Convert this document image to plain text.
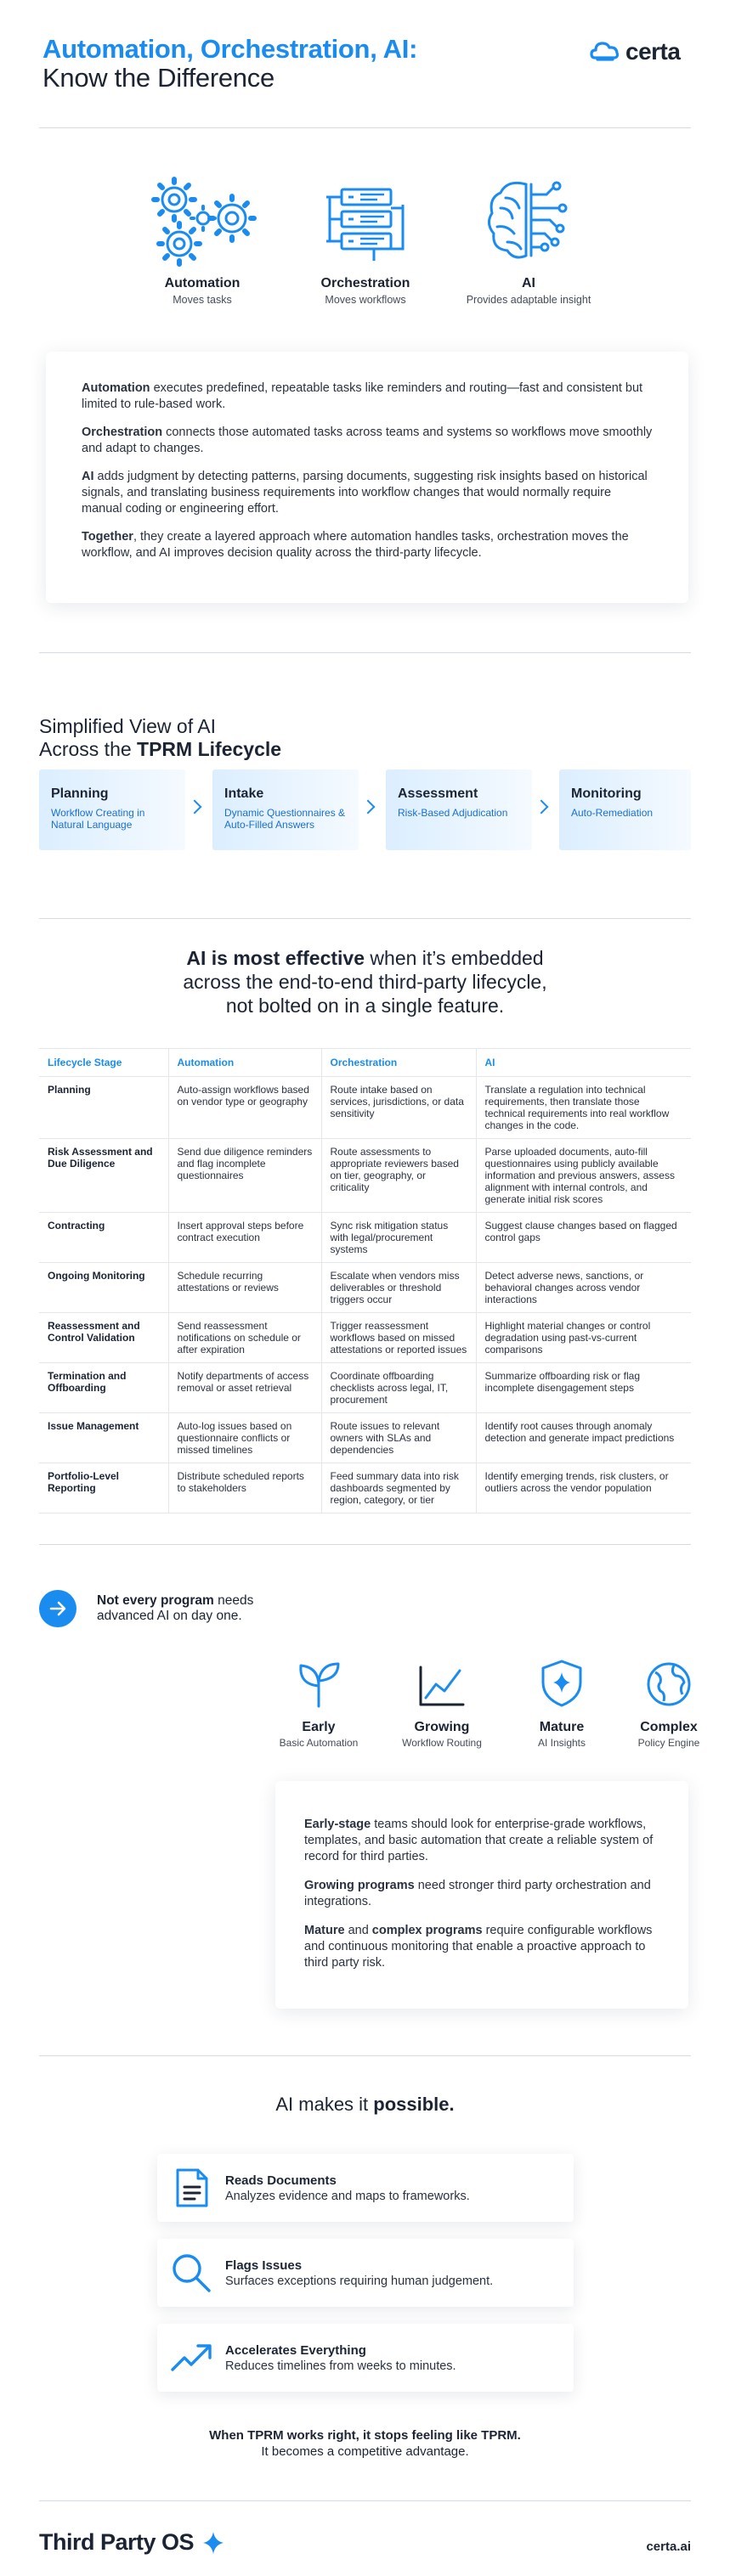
Automation, Orchestration, AI:
Know the Difference
certa
Automation
Moves tasks
Orchestration
Moves workflows
AI
Provides adaptable insight

Automation executes predefined, repeatable tasks like reminders and routing—fast and consistent but limited to rule-based work.

Orchestration connects those automated tasks across teams and systems so workflows move smoothly and adapt to changes.

AI adds judgment by detecting patterns, parsing documents, suggesting risk insights based on historical signals, and translating business requirements into workflow changes that would normally require manual coding or engineering effort.

Together, they create a layered approach where automation handles tasks, orchestration moves the workflow, and AI improves decision quality across the third-party lifecycle.

Simplified View of AI
Across the TPRM Lifecycle
Planning
Workflow Creating in Natural Language
Intake
Dynamic Questionnaires & Auto-Filled Answers
Assessment
Risk-Based Adjudication
Monitoring
Auto-Remediation
AI is most effective when it’s embedded
across the end-to-end third-party lifecycle,
not bolted on in a single feature.
Lifecycle Stage	Automation	Orchestration	AI
Planning	Auto-assign workflows based on vendor type or geography	Route intake based on services, jurisdictions, or data sensitivity	Translate a regulation into technical requirements, then translate those technical requirements into real workflow changes in the code.
Risk Assessment and Due Diligence	Send due diligence reminders and flag incomplete questionnaires	Route assessments to appropriate reviewers based on tier, geography, or criticality	Parse uploaded documents, auto-fill questionnaires using publicly available information and previous answers, assess alignment with internal controls, and generate initial risk scores
Contracting	Insert approval steps before contract execution	Sync risk mitigation status with legal/procurement systems	Suggest clause changes based on flagged control gaps
Ongoing Monitoring	Schedule recurring attestations or reviews	Escalate when vendors miss deliverables or threshold triggers occur	Detect adverse news, sanctions, or behavioral changes across vendor interactions
Reassessment and Control Validation	Send reassessment notifications on schedule or after expiration	Trigger reassessment workflows based on missed attestations or reported issues	Highlight material changes or control degradation using past-vs-current comparisons
Termination and Offboarding	Notify departments of access removal or asset retrieval	Coordinate offboarding checklists across legal, IT, procurement	Summarize offboarding risk or flag incomplete disengagement steps
Issue Management	Auto-log issues based on questionnaire conflicts or missed timelines	Route issues to relevant owners with SLAs and dependencies	Identify root causes through anomaly detection and generate impact predictions
Portfolio-Level Reporting	Distribute scheduled reports to stakeholders	Feed summary data into risk dashboards segmented by region, category, or tier	Identify emerging trends, risk clusters, or outliers across the vendor population
Not every program needs
advanced AI on day one.
Early
Basic Automation
Growing
Workflow Routing
Mature
AI Insights
Complex
Policy Engine

Early-stage teams should look for enterprise-grade workflows, templates, and basic automation that create a reliable system of record for third parties.

Growing programs need stronger third party orchestration and integrations.

Mature and complex programs require configurable workflows and continuous monitoring that enable a proactive approach to third party risk.

AI makes it possible.
Reads Documents
Analyzes evidence and maps to frameworks.
Flags Issues
Surfaces exceptions requiring human judgement.
Accelerates Everything
Reduces timelines from weeks to minutes.
When TPRM works right, it stops feeling like TPRM.
It becomes a competitive advantage.
Third Party OS	certa.ai
